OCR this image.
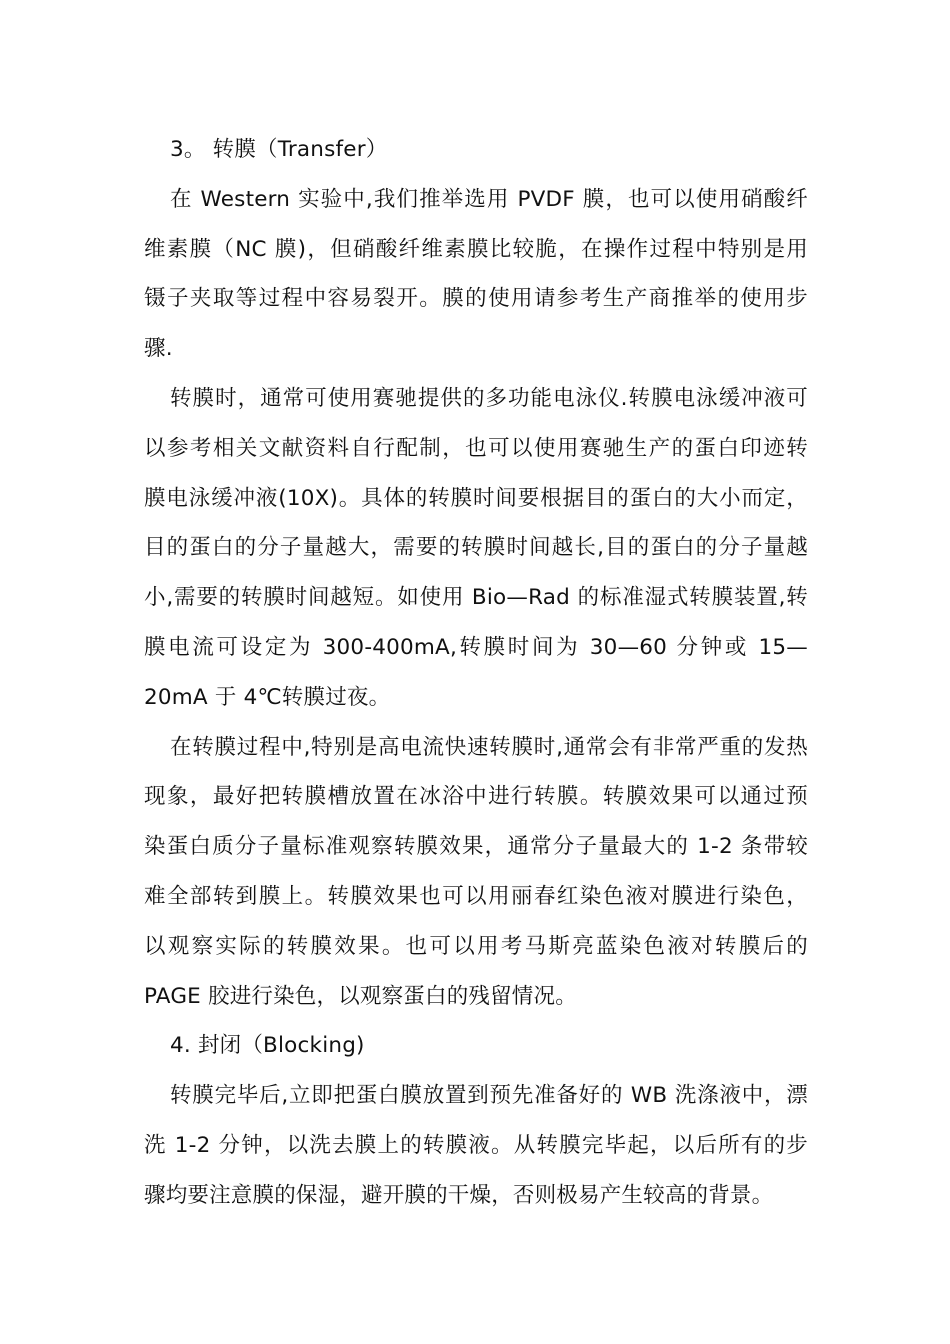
3。 转膜（Transfer）
在 Western 实验中,我们推举选用 PVDF 膜，也可以使用硝酸纤
维素膜（NC 膜)，但硝酸纤维素膜比较脆，在操作过程中特别是用
镊子夹取等过程中容易裂开。膜的使用请参考生产商推举的使用步
骤.
转膜时，通常可使用赛驰提供的多功能电泳仪.转膜电泳缓冲液可
以参考相关文献资料自行配制，也可以使用赛驰生产的蛋白印迹转
膜电泳缓冲液(10X)。具体的转膜时间要根据目的蛋白的大小而定，
目的蛋白的分子量越大，需要的转膜时间越长,目的蛋白的分子量越
小,需要的转膜时间越短。如使用 Bio—Rad 的标准湿式转膜装置,转
膜电流可设定为 300-400mA,转膜时间为 30—60 分钟或 15—
20mA 于 4℃转膜过夜。
在转膜过程中,特别是高电流快速转膜时,通常会有非常严重的发热
现象，最好把转膜槽放置在冰浴中进行转膜。转膜效果可以通过预
染蛋白质分子量标准观察转膜效果，通常分子量最大的 1-2 条带较
难全部转到膜上。转膜效果也可以用丽春红染色液对膜进行染色，
以观察实际的转膜效果。也可以用考马斯亮蓝染色液对转膜后的
PAGE 胶进行染色，以观察蛋白的残留情况。
4. 封闭（Blocking)
转膜完毕后,立即把蛋白膜放置到预先准备好的 WB 洗涤液中，漂
洗 1-2 分钟，以洗去膜上的转膜液。从转膜完毕起，以后所有的步
骤均要注意膜的保湿，避开膜的干燥，否则极易产生较高的背景。
